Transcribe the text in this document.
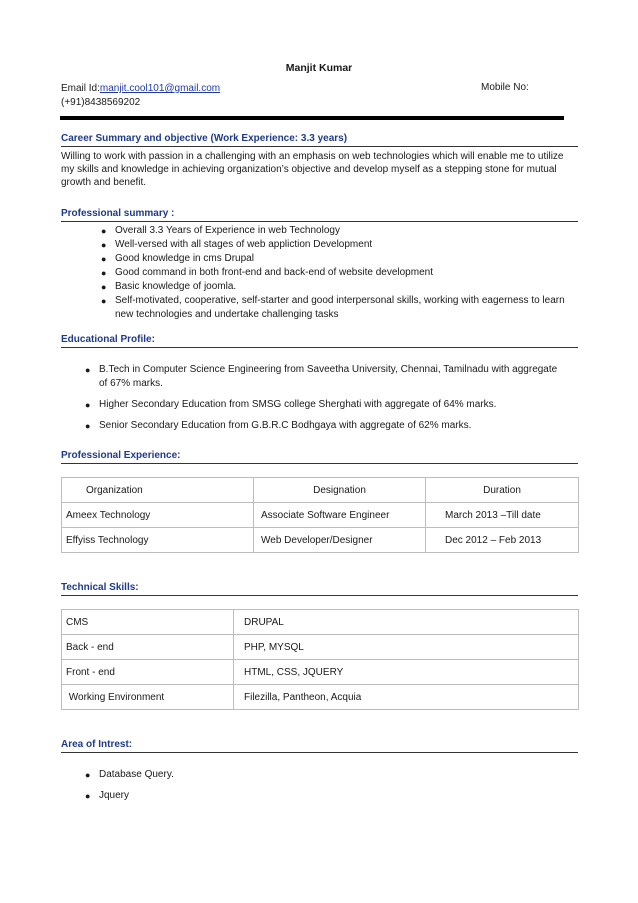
Manjit Kumar
Email Id:manjit.cool101@gmail.com
(+91)8438569202
Mobile No:
Career Summary and objective (Work Experience: 3.3 years)
Willing to work with passion in a challenging with an emphasis on web technologies which will enable me to utilize my skills and knowledge in achieving organization’s objective and develop myself as a stepping stone for mutual growth and benefit.
Professional summary :
● Overall 3.3 Years of Experience in web Technology
● Well-versed with all stages of web appliction Development
● Good knowledge in cms Drupal
● Good command in both front-end and back-end of website development
● Basic knowledge of joomla.
● Self-motivated, cooperative, self-starter and good interpersonal skills, working with eagerness to learn new technologies and undertake challenging tasks
Educational Profile:
● B.Tech in Computer Science Engineering from Saveetha University, Chennai, Tamilnadu with aggregate of 67% marks.
● Higher Secondary Education from SMSG college Sherghati with aggregate of 64% marks.
● Senior Secondary Education from G.B.R.C Bodhgaya with aggregate of 62% marks.
Professional Experience:
Organization	Designation	Duration
Ameex Technology	Associate Software Engineer	March 2013 –Till date
Effyiss Technology	Web Developer/Designer	Dec 2012 – Feb 2013
Technical Skills:
CMS	DRUPAL
Back - end	PHP, MYSQL
Front - end	HTML, CSS, JQUERY
Working Environment	Filezilla, Pantheon, Acquia
Area of Intrest:
● Database Query.
● Jquery
